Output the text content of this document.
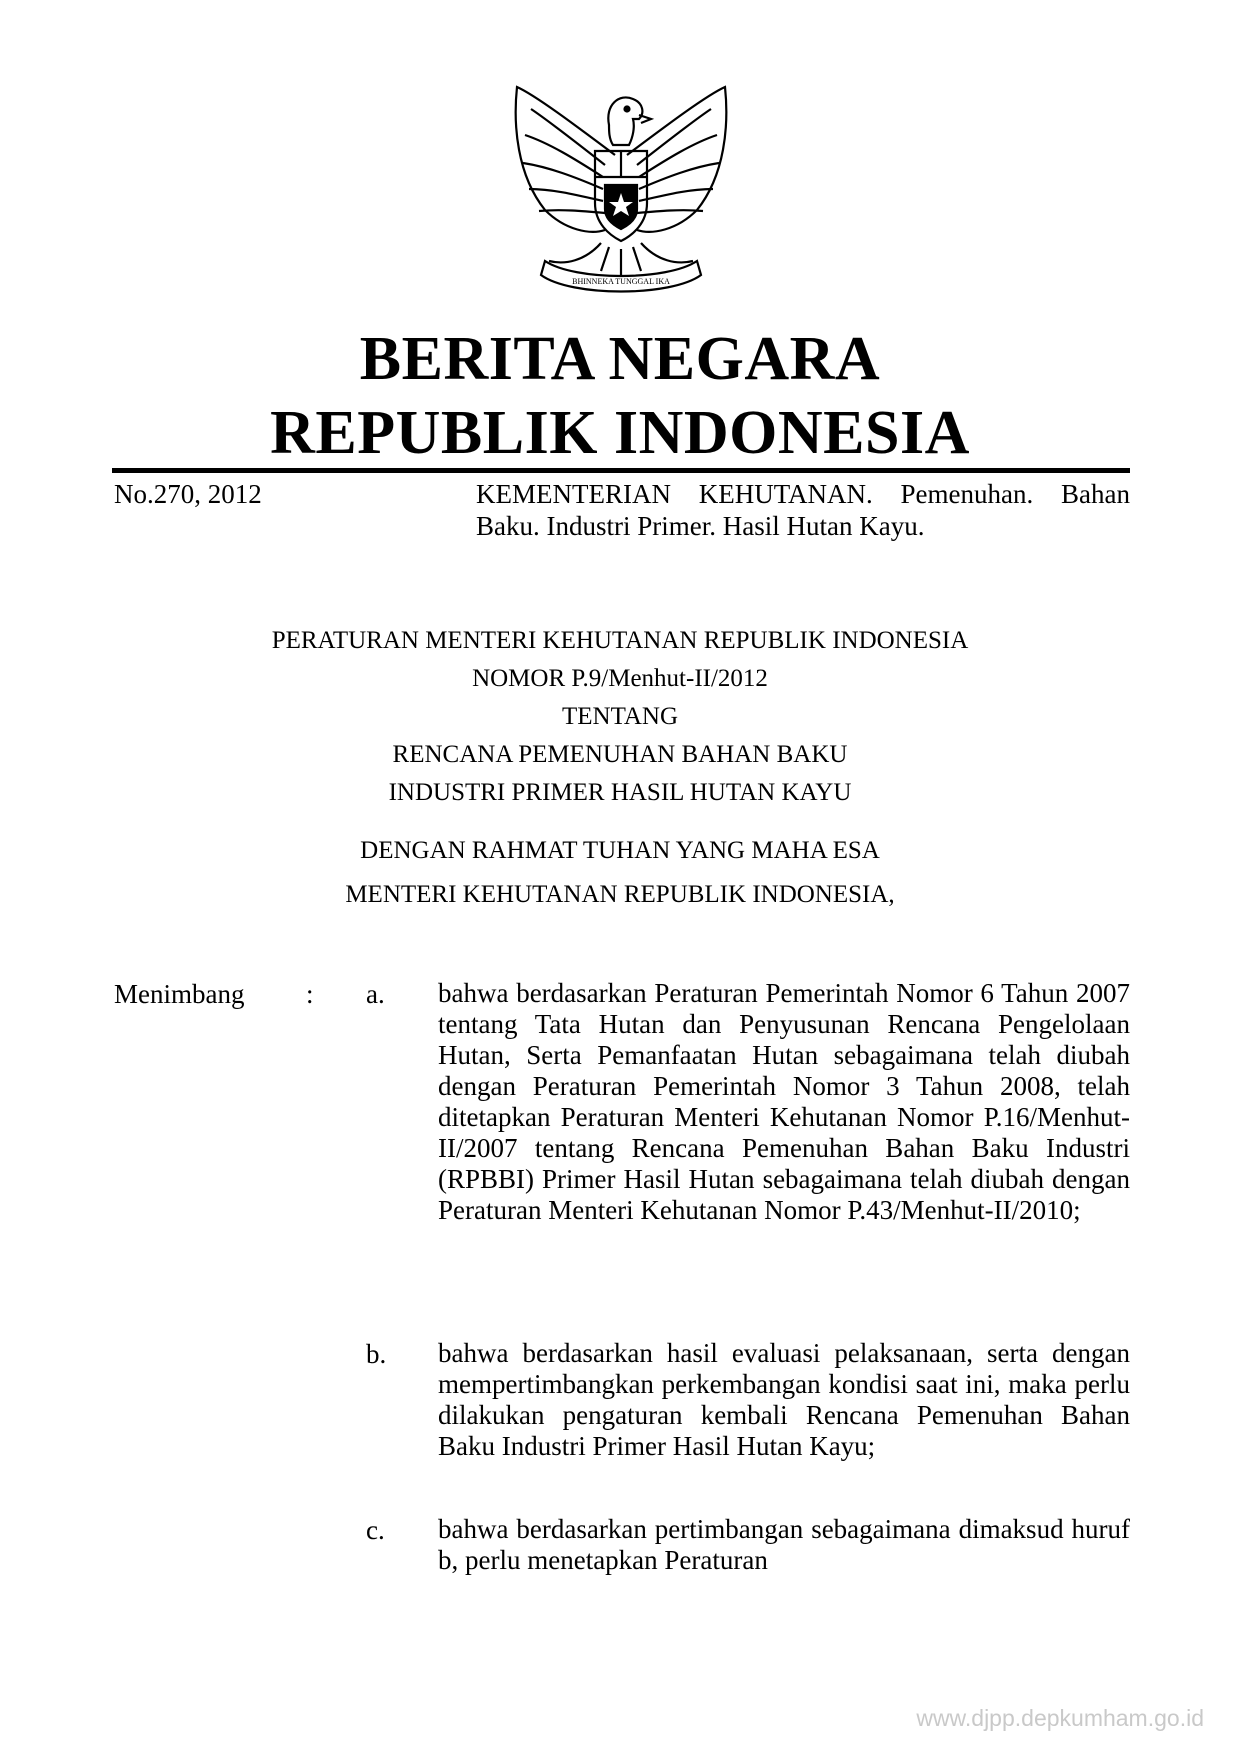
BHINNEKA TUNGGAL IKA
BERITA NEGARA
REPUBLIK INDONESIA
No.270, 2012	KEMENTERIAN KEHUTANAN. Pemenuhan. Bahan Baku. Industri Primer. Hasil Hutan Kayu.
PERATURAN MENTERI KEHUTANAN REPUBLIK INDONESIA
NOMOR P.9/Menhut-II/2012
TENTANG
RENCANA PEMENUHAN BAHAN BAKU
INDUSTRI PRIMER HASIL HUTAN KAYU
DENGAN RAHMAT TUHAN YANG MAHA ESA
MENTERI KEHUTANAN REPUBLIK INDONESIA,
Menimbang : a. bahwa berdasarkan Peraturan Pemerintah Nomor 6 Tahun 2007 tentang Tata Hutan dan Penyusunan Rencana Pengelolaan Hutan, Serta Pemanfaatan Hutan sebagaimana telah diubah dengan Peraturan Pemerintah Nomor 3 Tahun 2008, telah ditetapkan Peraturan Menteri Kehutanan Nomor P.16/Menhut-II/2007 tentang Rencana Pemenuhan Bahan Baku Industri (RPBBI) Primer Hasil Hutan sebagaimana telah diubah dengan Peraturan Menteri Kehutanan Nomor P.43/Menhut-II/2010;
b. bahwa berdasarkan hasil evaluasi pelaksanaan, serta dengan mempertimbangkan perkembangan kondisi saat ini, maka perlu dilakukan pengaturan kembali Rencana Pemenuhan Bahan Baku Industri Primer Hasil Hutan Kayu;
c. bahwa berdasarkan pertimbangan sebagaimana dimaksud huruf b, perlu menetapkan Peraturan
www.djpp.depkumham.go.id
